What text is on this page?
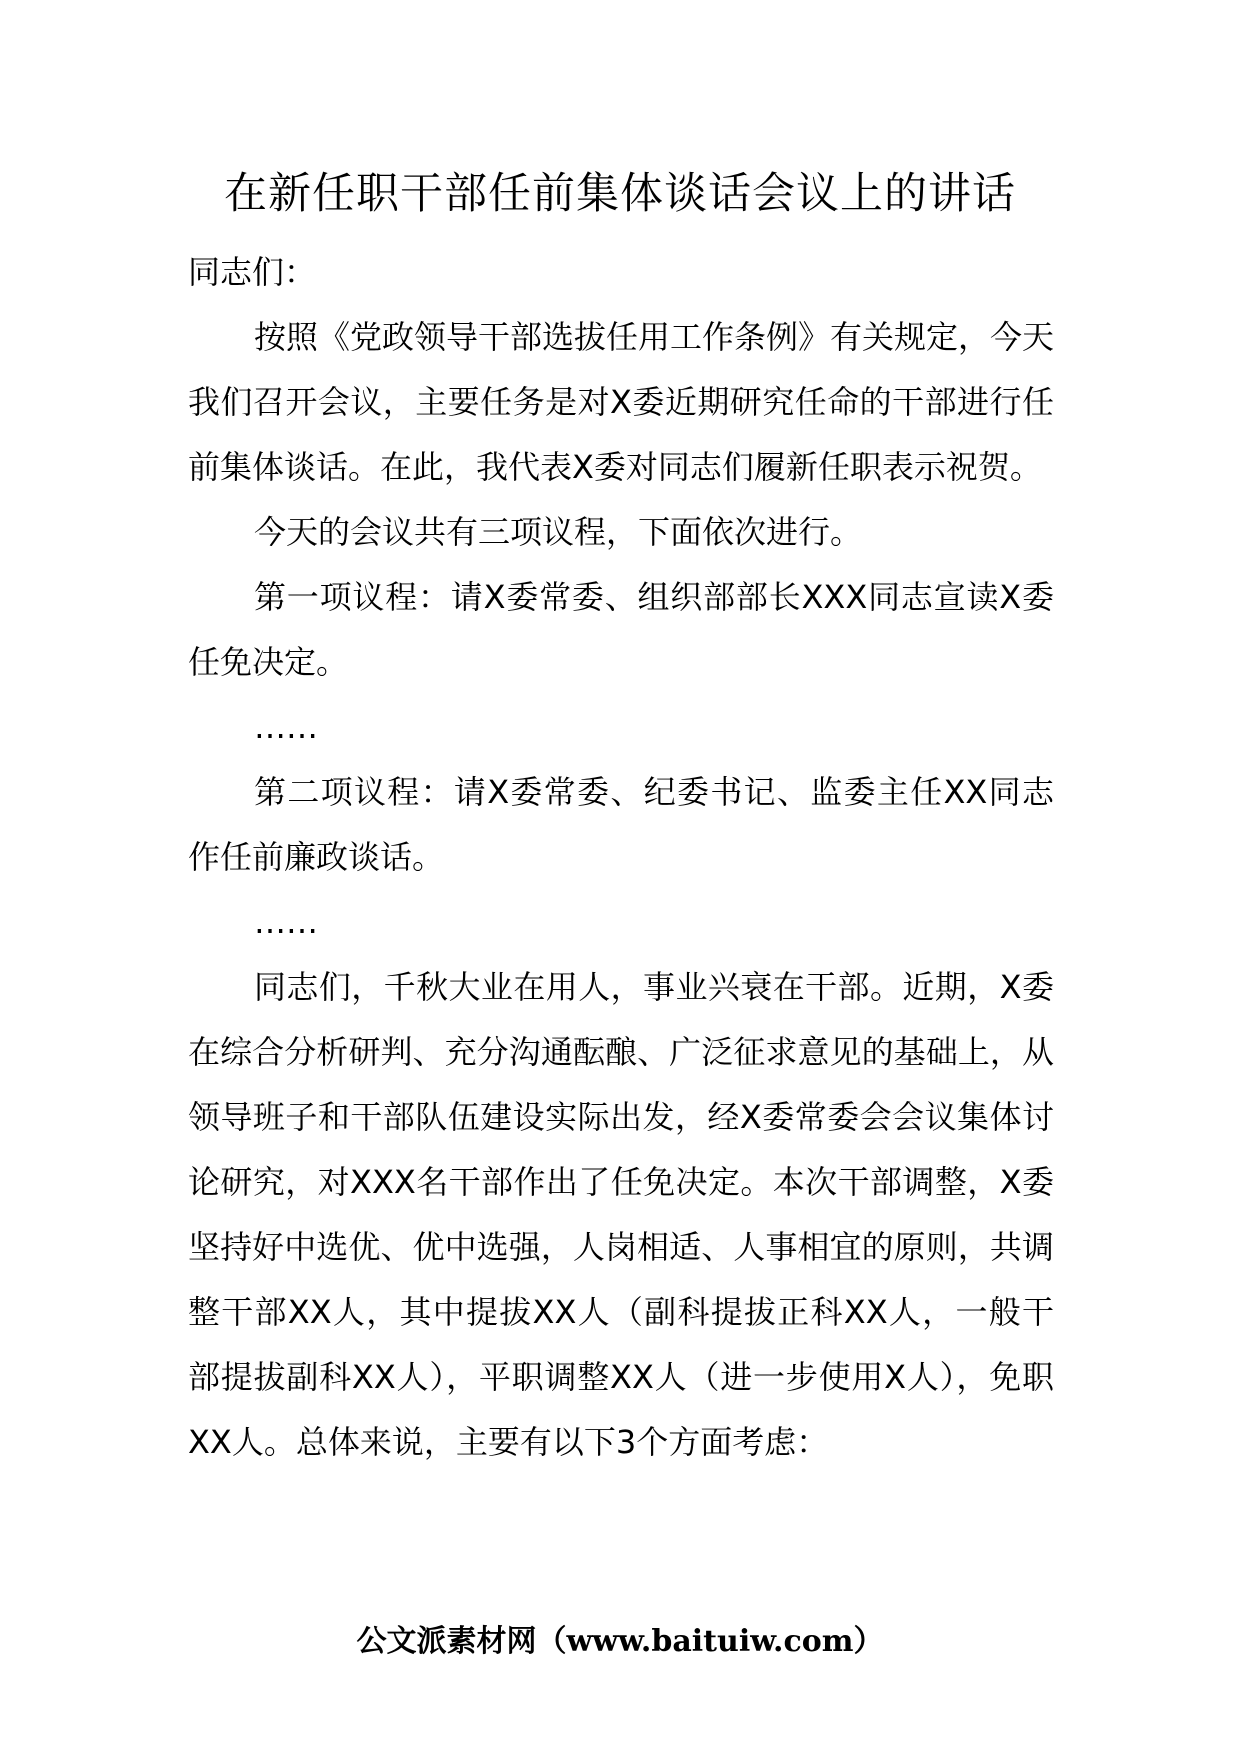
在新任职干部任前集体谈话会议上的讲话

同志们：

按照《党政领导干部选拔任用工作条例》有关规定，今天我们召开会议，主要任务是对X委近期研究任命的干部进行任前集体谈话。在此，我代表X委对同志们履新任职表示祝贺。

今天的会议共有三项议程，下面依次进行。

第一项议程：请X委常委、组织部部长XXX同志宣读X委任免决定。

……

第二项议程：请X委常委、纪委书记、监委主任XX同志作任前廉政谈话。

……

同志们，千秋大业在用人，事业兴衰在干部。近期，X委在综合分析研判、充分沟通酝酿、广泛征求意见的基础上，从领导班子和干部队伍建设实际出发，经X委常委会会议集体讨论研究，对XXX名干部作出了任免决定。本次干部调整，X委坚持好中选优、优中选强，人岗相适、人事相宜的原则，共调整干部XX人，其中提拔XX人（副科提拔正科XX人，一般干部提拔副科XX人），平职调整XX人（进一步使用X人），免职XX人。总体来说，主要有以下3个方面考虑：

公文派素材网（www.baituiw.com）
